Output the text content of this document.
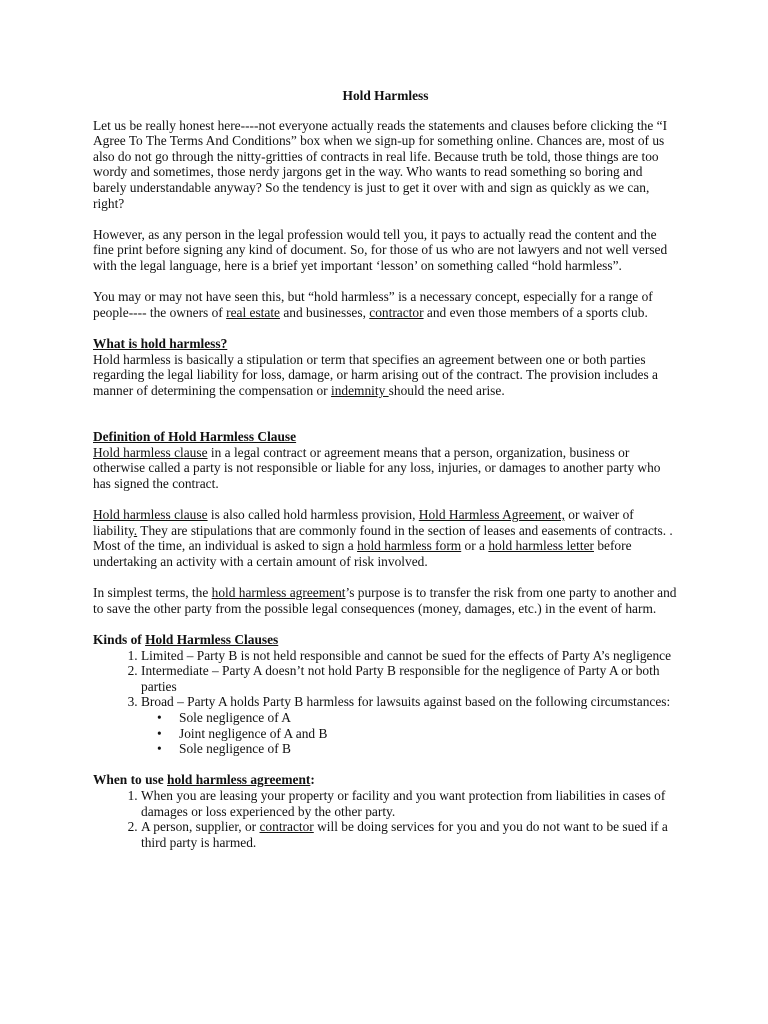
Hold Harmless

Let us be really honest here----not everyone actually reads the statements and clauses before clicking the “I Agree To The Terms And Conditions” box when we sign-up for something online. Chances are, most of us also do not go through the nitty-gritties of contracts in real life. Because truth be told, those things are too wordy and sometimes, those nerdy jargons get in the way. Who wants to read something so boring and barely understandable anyway? So the tendency is just to get it over with and sign as quickly as we can, right?

However, as any person in the legal profession would tell you, it pays to actually read the content and the fine print before signing any kind of document. So, for those of us who are not lawyers and not well versed with the legal language, here is a brief yet important ‘lesson’ on something called “hold harmless”.

You may or may not have seen this, but “hold harmless” is a necessary concept, especially for a range of people---- the owners of real estate and businesses, contractor and even those members of a sports club.

What is hold harmless?

Hold harmless is basically a stipulation or term that specifies an agreement between one or both parties regarding the legal liability for loss, damage, or harm arising out of the contract. The provision includes a manner of determining the compensation or indemnity should the need arise.

Definition of Hold Harmless Clause

Hold harmless clause in a legal contract or agreement means that a person, organization, business or otherwise called a party is not responsible or liable for any loss, injuries, or damages to another party who has signed the contract.

Hold harmless clause is also called hold harmless provision, Hold Harmless Agreement, or waiver of liability. They are stipulations that are commonly found in the section of leases and easements of contracts. . Most of the time, an individual is asked to sign a hold harmless form or a hold harmless letter before undertaking an activity with a certain amount of risk involved.

In simplest terms, the hold harmless agreement’s purpose is to transfer the risk from one party to another and to save the other party from the possible legal consequences (money, damages, etc.) in the event of harm.

Kinds of Hold Harmless Clauses

1. Limited – Party B is not held responsible and cannot be sued for the effects of Party A’s negligence
2. Intermediate – Party A doesn’t not hold Party B responsible for the negligence of Party A or both parties
3. Broad – Party A holds Party B harmless for lawsuits against based on the following circumstances:
• Sole negligence of A
• Joint negligence of A and B
• Sole negligence of B

When to use hold harmless agreement:

1. When you are leasing your property or facility and you want protection from liabilities in cases of damages or loss experienced by the other party.
2. A person, supplier, or contractor will be doing services for you and you do not want to be sued if a third party is harmed.
